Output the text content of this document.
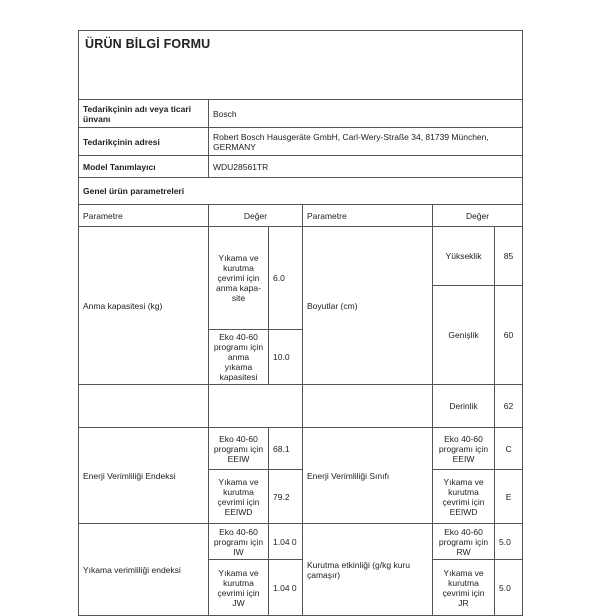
ÜRÜN BİLGİ FORMU					
Tedarikçinin adı veya ticari ünvanı	Bosch				
Tedarikçinin adresi	Robert Bosch Hausgeräte GmbH, Carl-Wery-Straße 34, 81739 München, GERMANY				
Model Tanımlayıcı	WDU28561TR				
Genel ürün parametreleri					
Parametre	Değer		Parametre	Değer	
Anma kapasitesi (kg)	Yıkama ve kurutma çevrimi için anma kapa-site	6.0	Boyutlar (cm)	Yükseklik	85
				Genişlik	60
	Eko 40-60 programı için anma yıkama kapasitesi	10.0			
				Derinlik	62
Enerji Verimliliği Endeksi	Eko 40-60 programı için EEIW	68.1	Enerji Verimliliği Sınıfı	Eko 40-60 programı için EEIW	C
	Yıkama ve kurutma çevrimi için EEIWD	79.2		Yıkama ve kurutma çevrimi için EEIWD	E
Yıkama verimliliği endeksi	Eko 40-60 programı için IW	1.04 0	Kurutma etkinliği (g/kg kuru çamaşır)	Eko 40-60 programı için RW	5.0
	Yıkama ve kurutma çevrimi için JW	1.04 0		Yıkama ve kurutma çevrimi için JR	5.0
